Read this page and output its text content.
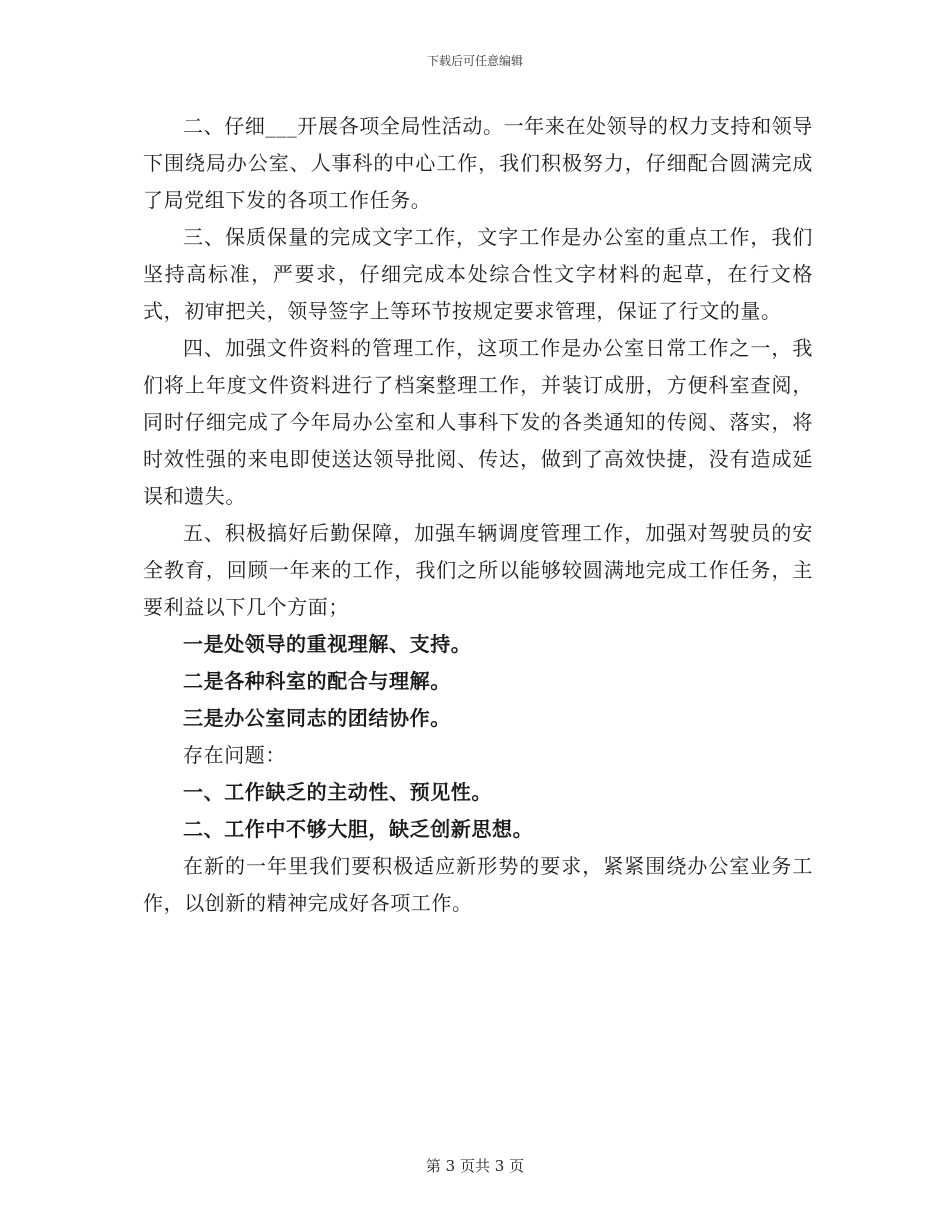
下载后可任意编辑

二、仔细___开展各项全局性活动。一年来在处领导的权力支持和领导下围绕局办公室、人事科的中心工作，我们积极努力，仔细配合圆满完成了局党组下发的各项工作任务。

三、保质保量的完成文字工作，文字工作是办公室的重点工作，我们坚持高标准，严要求，仔细完成本处综合性文字材料的起草，在行文格式，初审把关，领导签字上等环节按规定要求管理，保证了行文的量。

四、加强文件资料的管理工作，这项工作是办公室日常工作之一，我们将上年度文件资料进行了档案整理工作，并装订成册，方便科室查阅，同时仔细完成了今年局办公室和人事科下发的各类通知的传阅、落实，将时效性强的来电即使送达领导批阅、传达，做到了高效快捷，没有造成延误和遗失。

五、积极搞好后勤保障，加强车辆调度管理工作，加强对驾驶员的安全教育，回顾一年来的工作，我们之所以能够较圆满地完成工作任务，主要利益以下几个方面；

一是处领导的重视理解、支持。

二是各种科室的配合与理解。

三是办公室同志的团结协作。

存在问题：

一、工作缺乏的主动性、预见性。

二、工作中不够大胆，缺乏创新思想。

在新的一年里我们要积极适应新形势的要求，紧紧围绕办公室业务工作，以创新的精神完成好各项工作。

第 3 页共 3 页
